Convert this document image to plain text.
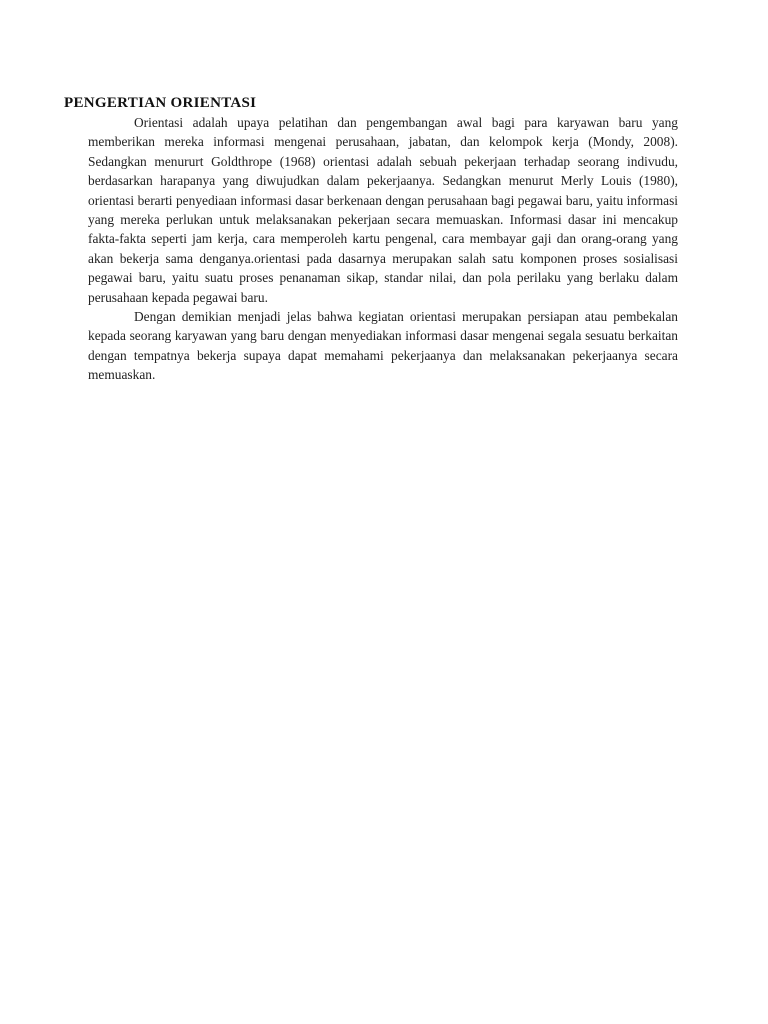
PENGERTIAN ORIENTASI

Orientasi adalah upaya pelatihan dan pengembangan awal bagi para karyawan baru yang memberikan mereka informasi mengenai perusahaan, jabatan, dan kelompok kerja (Mondy, 2008). Sedangkan menururt Goldthrope (1968) orientasi adalah sebuah pekerjaan terhadap seorang indivudu, berdasarkan harapanya yang diwujudkan dalam pekerjaanya. Sedangkan menurut Merly Louis (1980), orientasi berarti penyediaan informasi dasar berkenaan dengan perusahaan bagi pegawai baru, yaitu informasi yang mereka perlukan untuk melaksanakan pekerjaan secara memuaskan. Informasi dasar ini mencakup fakta-fakta seperti jam kerja, cara memperoleh kartu pengenal, cara membayar gaji dan orang-orang yang akan bekerja sama denganya.orientasi pada dasarnya merupakan salah satu komponen proses sosialisasi pegawai baru, yaitu suatu proses penanaman sikap, standar nilai, dan pola perilaku yang berlaku dalam perusahaan kepada pegawai baru.

Dengan demikian menjadi jelas bahwa kegiatan orientasi merupakan persiapan atau pembekalan kepada seorang karyawan yang baru dengan menyediakan informasi dasar mengenai segala sesuatu berkaitan dengan tempatnya bekerja supaya dapat memahami pekerjaanya dan melaksanakan pekerjaanya secara memuaskan.
